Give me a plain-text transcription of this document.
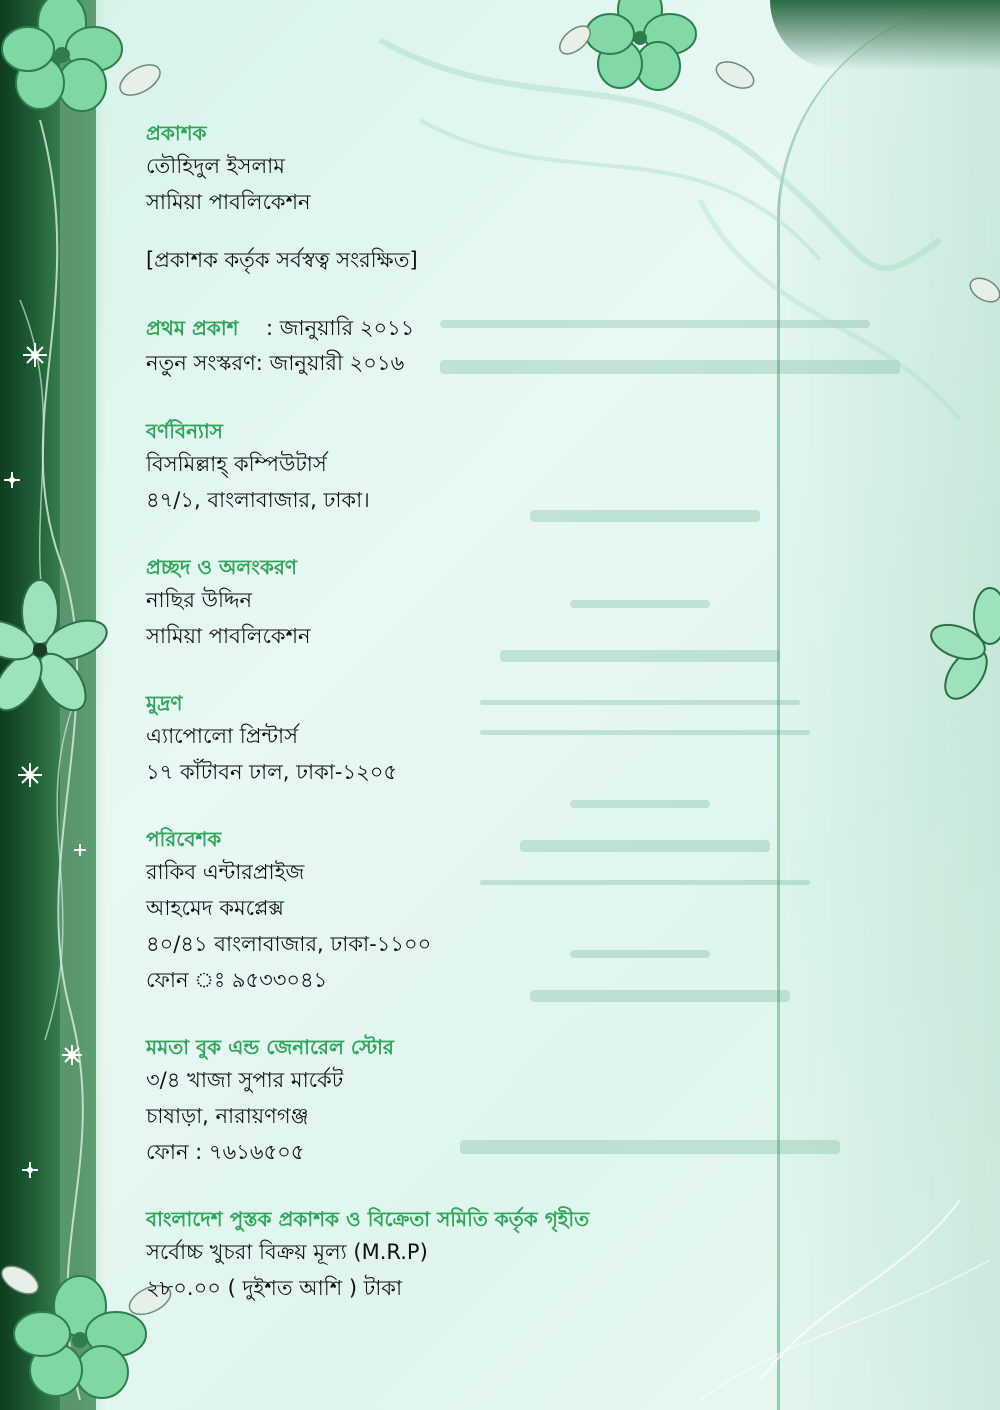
প্রকাশক
তৌহিদুল ইসলাম
সামিয়া পাবলিকেশন
[প্রকাশক কর্তৃক সর্বস্বত্ব সংরক্ষিত]
প্রথম প্রকাশ	: জানুয়ারি ২০১১
নতুন সংস্করণ : জানুয়ারী ২০১৬
বর্ণবিন্যাস
বিসমিল্লাহ্ কম্পিউটার্স
৪৭/১, বাংলাবাজার, ঢাকা।
প্রচ্ছদ ও অলংকরণ
নাছির উদ্দিন
সামিয়া পাবলিকেশন
মুদ্রণ
এ্যাপোলো প্রিন্টার্স
১৭ কাঁটাবন ঢাল, ঢাকা-১২০৫
পরিবেশক
রাকিব এন্টারপ্রাইজ
আহমেদ কমপ্লেক্স
৪০/৪১ বাংলাবাজার, ঢাকা-১১০০
ফোন ঃ ৯৫৩৩০৪১
মমতা বুক এন্ড জেনারেল স্টোর
৩/৪ খাজা সুপার মার্কেট
চাষাড়া, নারায়ণগঞ্জ
ফোন : ৭৬১৬৫০৫
বাংলাদেশ পুস্তক প্রকাশক ও বিক্রেতা সমিতি কর্তৃক গৃহীত
সর্বোচ্চ খুচরা বিক্রয় মূল্য (M.R.P)
২৮০.০০ ( দুইশত আশি ) টাকা
